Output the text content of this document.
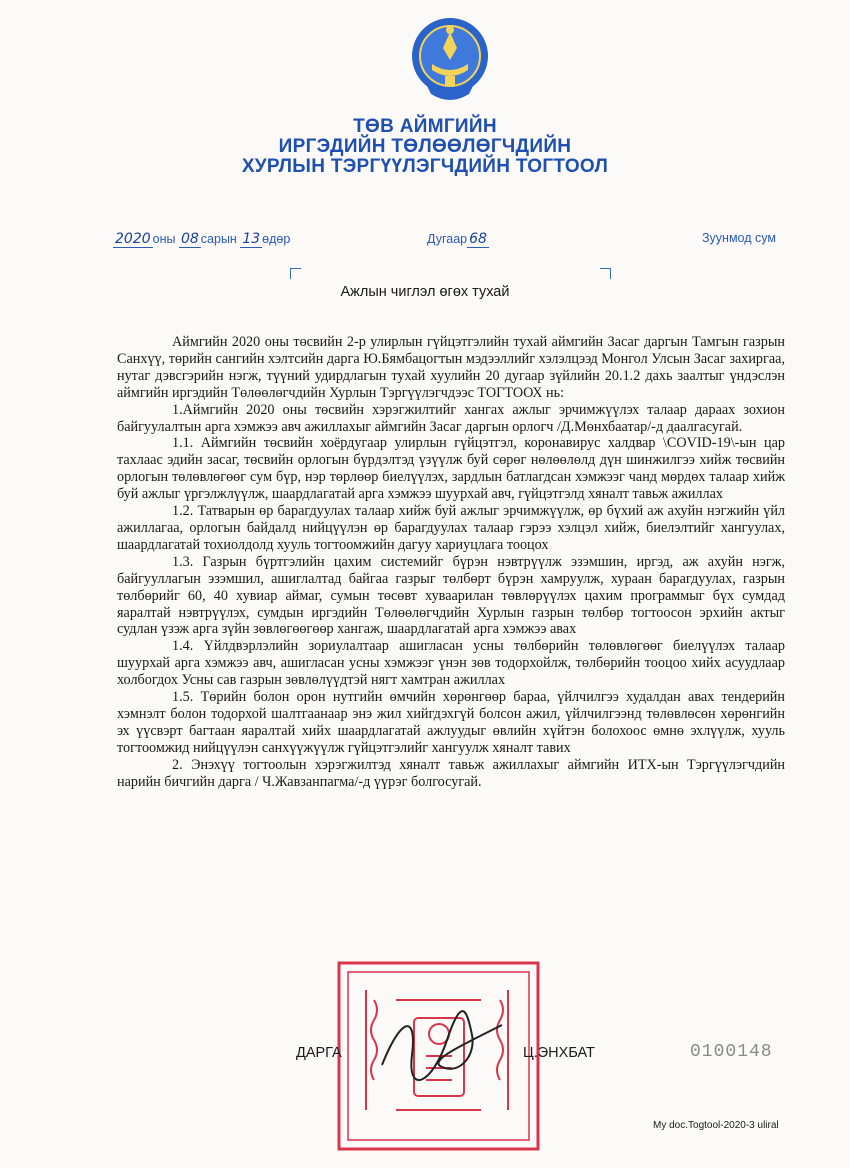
ТӨВ АЙМГИЙН
ИРГЭДИЙН ТӨЛӨӨЛӨГЧДИЙН
ХУРЛЫН ТЭРГҮҮЛЭГЧДИЙН ТОГТООЛ
2020 оны 08 сарын 13 өдөр	Дугаар 68	Зуунмод сум
Ажлын чиглэл өгөх тухай

Аймгийн 2020 оны төсвийн 2-р улирлын гүйцэтгэлийн тухай аймгийн Засаг даргын Тамгын газрын Санхүү, төрийн сангийн хэлтсийн дарга Ю.Бямбацогтын мэдээллийг хэлэлцээд Монгол Улсын Засаг захиргаа, нутаг дэвсгэрийн нэгж, түүний удирдлагын тухай хуулийн 20 дугаар зүйлийн 20.1.2 дахь заалтыг үндэслэн аймгийн иргэдийн Төлөөлөгчдийн Хурлын Тэргүүлэгчдээс ТОГТООХ нь:

1.Аймгийн 2020 оны төсвийн хэрэгжилтийг хангах ажлыг эрчимжүүлэх талаар дараах зохион байгуулалтын арга хэмжээ авч ажиллахыг аймгийн Засаг даргын орлогч /Д.Мөнхбаатар/-д даалгасугай.

1.1. Аймгийн төсвийн хоёрдугаар улирлын гүйцэтгэл, коронавирус халдвар \COVID-19\-ын цар тахлаас эдийн засаг, төсвийн орлогын бүрдэлтэд үзүүлж буй сөрөг нөлөөлөлд дүн шинжилгээ хийж төсвийн орлогын төлөвлөгөөг сум бүр, нэр төрлөөр биелүүлэх, зардлын батлагдсан хэмжээг чанд мөрдөх талаар хийж буй ажлыг үргэлжлүүлж, шаардлагатай арга хэмжээ шуурхай авч, гүйцэтгэлд хяналт тавьж ажиллах

1.2. Татварын өр барагдуулах талаар хийж буй ажлыг эрчимжүүлж, өр бүхий аж ахуйн нэгжийн үйл ажиллагаа, орлогын байдалд нийцүүлэн өр барагдуулах талаар гэрээ хэлцэл хийж, биелэлтийг хангуулах, шаардлагатай тохиолдолд хууль тогтоомжийн дагуу хариуцлага тооцох

1.3. Газрын бүртгэлийн цахим системийг бүрэн нэвтрүүлж эзэмшин, иргэд, аж ахуйн нэгж, байгууллагын эзэмшил, ашиглалтад байгаа газрыг төлбөрт бүрэн хамруулж, хураан барагдуулах, газрын төлбөрийг 60, 40 хувиар аймаг, сумын төсөвт хуваарилан төвлөрүүлэх цахим программыг бүх сумдад яаралтай нэвтрүүлэх, сумдын иргэдийн Төлөөлөгчдийн Хурлын газрын төлбөр тогтоосон эрхийн актыг судлан үзэж арга зүйн зөвлөгөөгөөр хангаж, шаардлагатай арга хэмжээ авах

1.4. Үйлдвэрлэлийн зориулалтаар ашигласан усны төлбөрийн төлөвлөгөөг биелүүлэх талаар шуурхай арга хэмжээ авч, ашигласан усны хэмжээг үнэн зөв тодорхойлж, төлбөрийн тооцоо хийх асуудлаар холбогдох Усны сав газрын зөвлөлүүдтэй нягт хамтран ажиллах

1.5. Төрийн болон орон нутгийн өмчийн хөрөнгөөр бараа, үйлчилгээ худалдан авах тендерийн хэмнэлт болон тодорхой шалтгаанаар энэ жил хийгдэхгүй болсон ажил, үйлчилгээнд төлөвлөсөн хөрөнгийн эх үүсвэрт багтаан яаралтай хийх шаардлагатай ажлуудыг өвлийн хүйтэн болохоос өмнө эхлүүлж, хууль тогтоомжид нийцүүлэн санхүүжүүлж гүйцэтгэлийг хангуулж хяналт тавих

2. Энэхүү тогтоолын хэрэгжилтэд хяналт тавьж ажиллахыг аймгийн ИТХ-ын Тэргүүлэгчдийн нарийн бичгийн дарга / Ч.Жавзанпагма/-д үүрэг болгосугай.

ДАРГА	Ц.ЭНХБАТ	0100148
My doc.Togtool-2020-3 uliral
